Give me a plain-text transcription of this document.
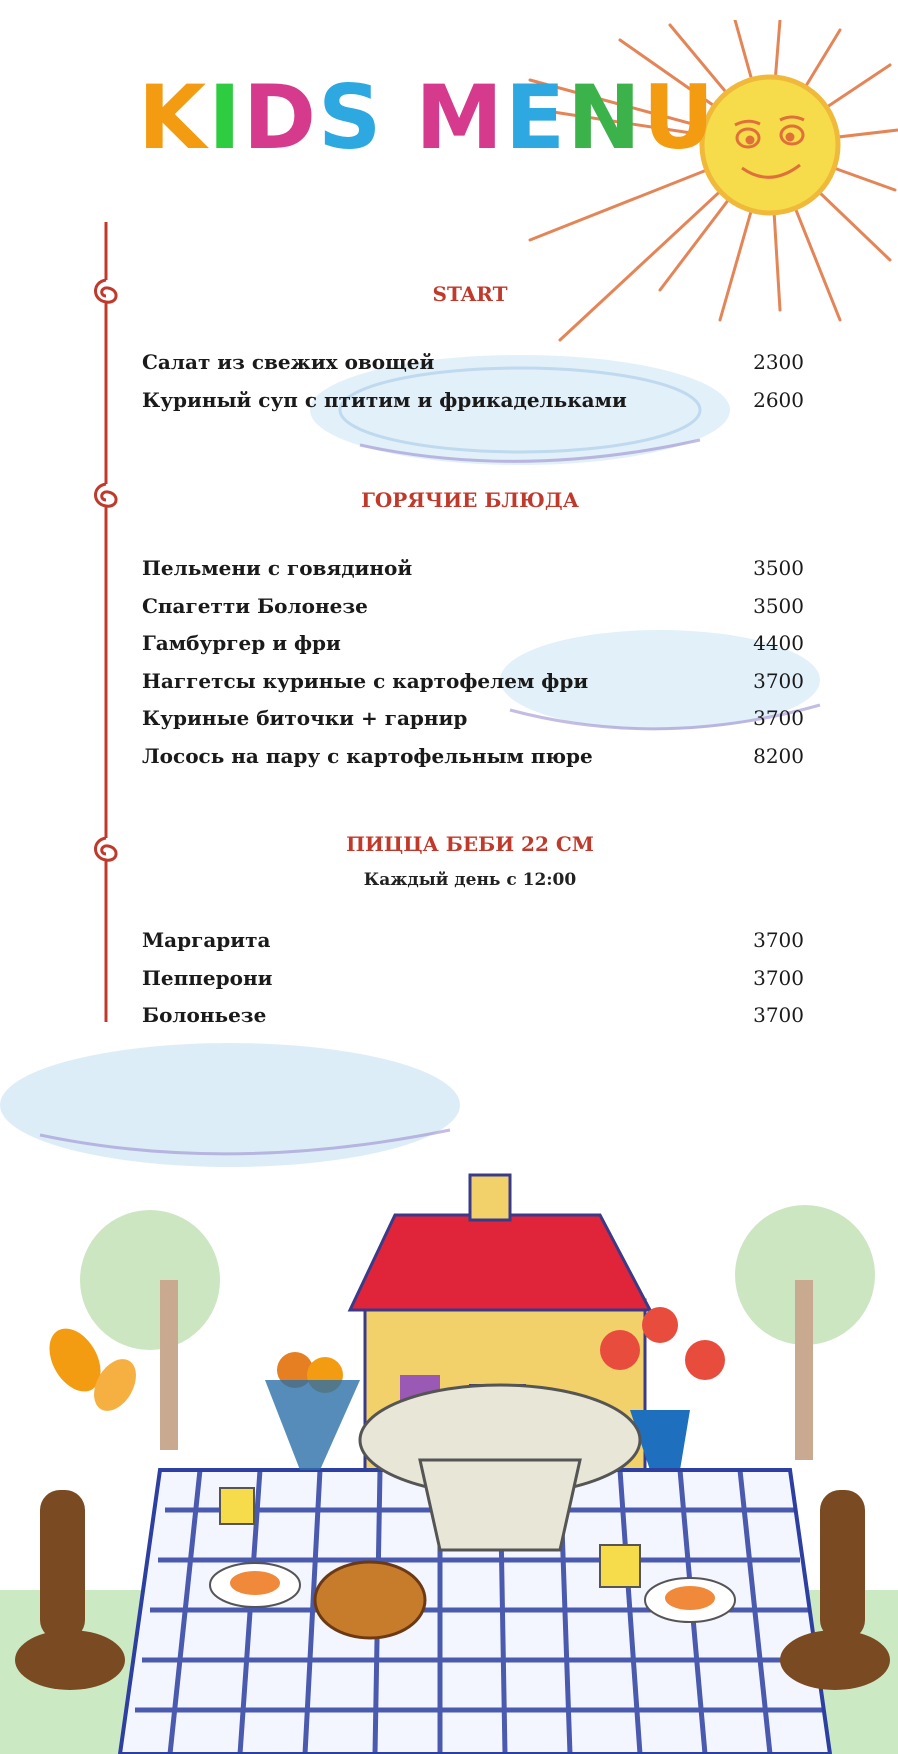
KIDS MENU
START
Салат из свежих овощей	2300
Куриный суп с птитим и фрикадельками	2600
ГОРЯЧИЕ БЛЮДА
Пельмени с говядиной	3500
Спагетти Болонезе	3500
Гамбургер и фри	4400
Наггетсы куриные с картофелем фри	3700
Куриные биточки + гарнир	3700
Лосось на пару с картофельным пюре	8200
ПИЦЦА БЕБИ 22 СМ
Каждый день с 12:00
Маргарита	3700
Пепперони	3700
Болоньезе	3700
